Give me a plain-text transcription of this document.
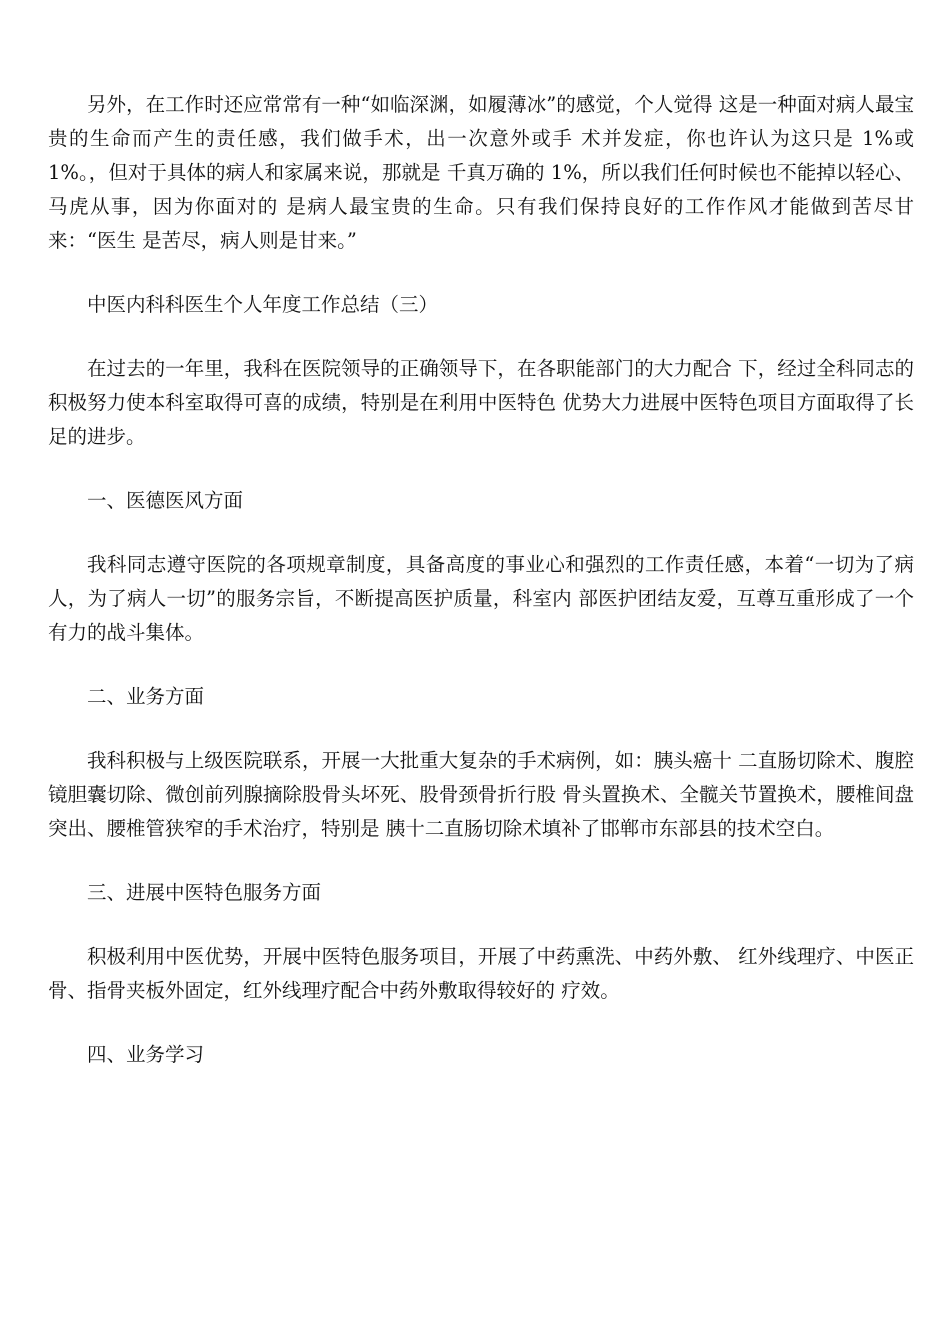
另外，在工作时还应常常有一种“如临深渊，如履薄冰”的感觉，个人觉得 这是一种面对病人最宝贵的生命而产生的责任感，我们做手术，出一次意外或手 术并发症，你也许认为这只是 1%或 1%。，但对于具体的病人和家属来说，那就是 千真万确的 1%，所以我们任何时候也不能掉以轻心、马虎从事，因为你面对的 是病人最宝贵的生命。只有我们保持良好的工作作风才能做到苦尽甘来：“医生 是苦尽，病人则是甘来。”

中医内科科医生个人年度工作总结（三）

在过去的一年里，我科在医院领导的正确领导下，在各职能部门的大力配合 下，经过全科同志的积极努力使本科室取得可喜的成绩，特别是在利用中医特色 优势大力进展中医特色项目方面取得了长足的进步。

一、医德医风方面

我科同志遵守医院的各项规章制度，具备高度的事业心和强烈的工作责任感，本着“一切为了病人，为了病人一切”的服务宗旨，不断提高医护质量，科室内 部医护团结友爱，互尊互重形成了一个有力的战斗集体。

二、业务方面

我科积极与上级医院联系，开展一大批重大复杂的手术病例，如：胰头癌十 二直肠切除术、腹腔镜胆囊切除、微创前列腺摘除股骨头坏死、股骨颈骨折行股 骨头置换术、全髋关节置换术，腰椎间盘突出、腰椎管狭窄的手术治疗，特别是 胰十二直肠切除术填补了邯郸市东部县的技术空白。

三、进展中医特色服务方面

积极利用中医优势，开展中医特色服务项目，开展了中药熏洗、中药外敷、 红外线理疗、中医正骨、指骨夹板外固定，红外线理疗配合中药外敷取得较好的 疗效。

四、业务学习
